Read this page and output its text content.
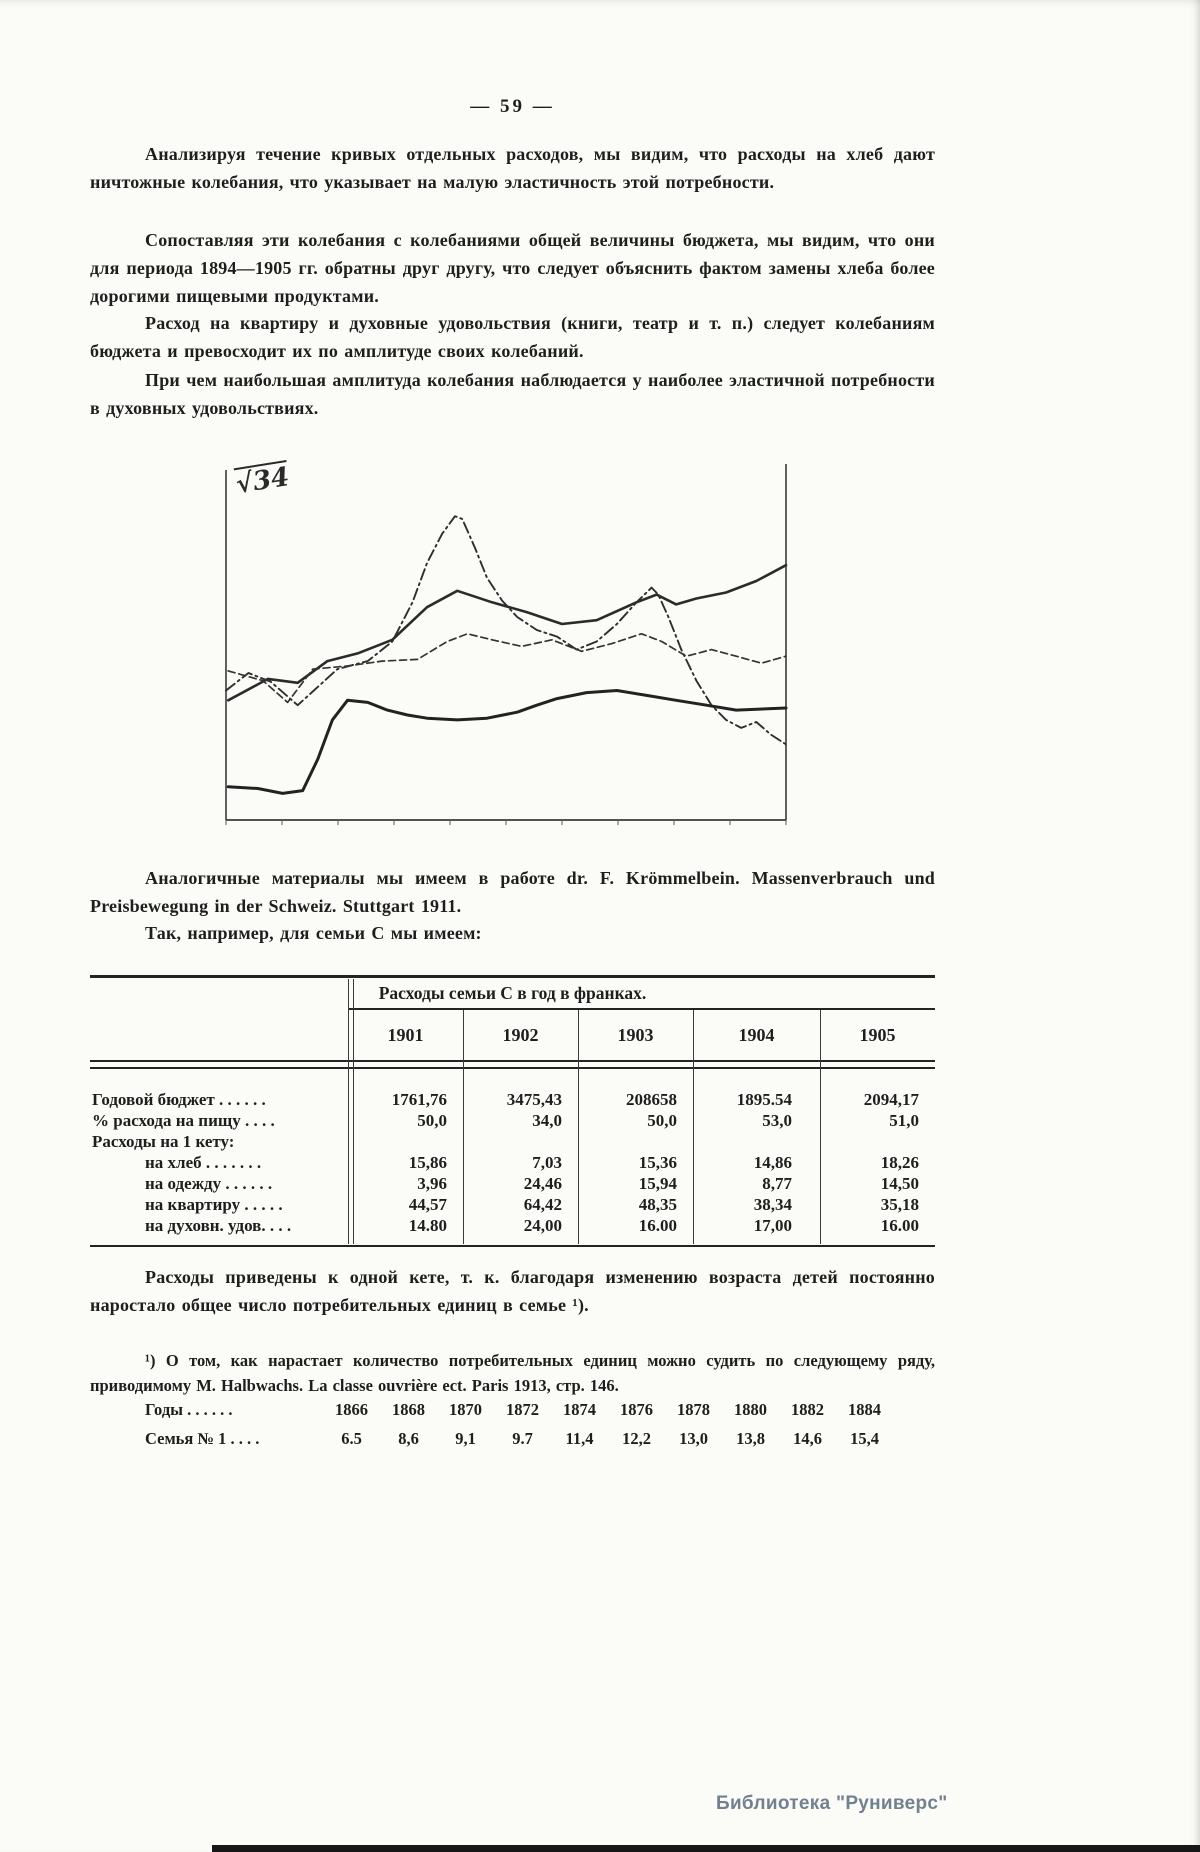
— 59 —

Анализируя течение кривых отдельных расходов, мы видим, что расходы на хлеб дают ничтожные колебания, что указывает на малую эластичность этой потребности.

Сопоставляя эти колебания с колебаниями общей величины бюджета, мы видим, что они для периода 1894—1905 гг. обратны друг другу, что следует объяснить фактом замены хлеба более дорогими пищевыми продуктами.

Расход на квартиру и духовные удовольствия (книги, театр и т. п.) следует колебаниям бюджета и превосходит их по амплитуде своих колебаний.

При чем наибольшая амплитуда колебания наблюдается у наиболее эластичной потребности в духовных удовольствиях.

√34

Аналогичные материалы мы имеем в работе dr. F. Krömmelbein. Massenverbrauch und Preisbewegung in der Schweiz. Stuttgart 1911.

Так, например, для семьи C мы имеем:

Расходы семьи C в год в франках.
1901	1902	1903	1904	1905
Годовой бюджет . . . . . .	1761,76	3475,43	208658	1895.54	2094,17
% расхода на пищу . . . .	50,0	34,0	50,0	53,0	51,0
Расходы на 1 кету:
на хлеб . . . . . . .	15,86	7,03	15,36	14,86	18,26
на одежду . . . . . .	3,96	24,46	15,94	8,77	14,50
на квартиру . . . . .	44,57	64,42	48,35	38,34	35,18
на духовн. удов. . . .	14.80	24,00	16.00	17,00	16.00

Расходы приведены к одной кете, т. к. благодаря изменению возраста детей постоянно наростало общее число потребительных единиц в семье ¹).

¹) О том, как нарастает количество потребительных единиц можно судить по следующему ряду, приводимому M. Halbwachs. La classe ouvrière ect. Paris 1913, стр. 146.

Годы . . . . . .	1866	1868	1870	1872	1874	1876	1878	1880	1882	1884
Семья № 1 . . . .	6.5	8,6	9,1	9.7	11,4	12,2	13,0	13,8	14,6	15,4
Библиотека "Руниверс"
